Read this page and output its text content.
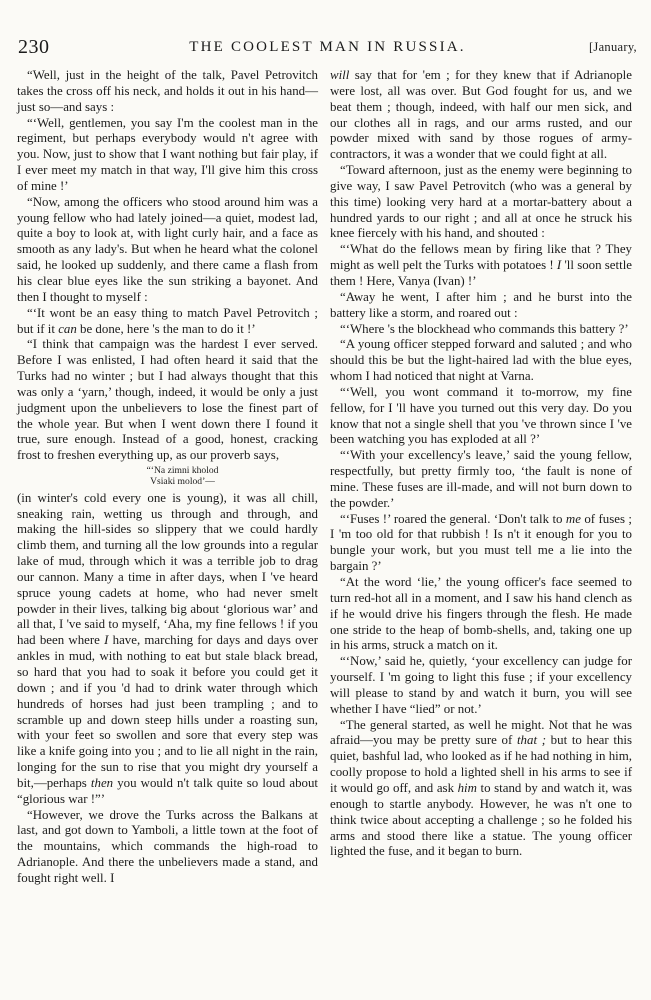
230	THE COOLEST MAN IN RUSSIA.	[January,

“Well, just in the height of the talk, Pavel Petrovitch takes the cross off his neck, and holds it out in his hand—just so—and says :

“‘Well, gentlemen, you say I'm the coolest man in the regiment, but perhaps everybody would n't agree with you. Now, just to show that I want nothing but fair play, if I ever meet my match in that way, I'll give him this cross of mine !’

“Now, among the officers who stood around him was a young fellow who had lately joined—a quiet, modest lad, quite a boy to look at, with light curly hair, and a face as smooth as any lady's. But when he heard what the colonel said, he looked up suddenly, and there came a flash from his clear blue eyes like the sun striking a bayonet. And then I thought to myself :

“‘It wont be an easy thing to match Pavel Petrovitch ; but if it can be done, here 's the man to do it !’

“I think that campaign was the hardest I ever served. Before I was enlisted, I had often heard it said that the Turks had no winter ; but I had always thought that this was only a ‘yarn,’ though, indeed, it would be only a just judgment upon the unbelievers to lose the finest part of the whole year. But when I went down there I found it true, sure enough. Instead of a good, honest, cracking frost to freshen everything up, as our proverb says,

“‘Na zimni kholod
Vsiaki molod’—

(in winter's cold every one is young), it was all chill, sneaking rain, wetting us through and through, and making the hill-sides so slippery that we could hardly climb them, and turning all the low grounds into a regular lake of mud, through which it was a terrible job to drag our cannon. Many a time in after days, when I 've heard spruce young cadets at home, who had never smelt powder in their lives, talking big about ‘glorious war’ and all that, I 've said to myself, ‘Aha, my fine fellows ! if you had been where I have, marching for days and days over ankles in mud, with nothing to eat but stale black bread, so hard that you had to soak it before you could get it down ; and if you 'd had to drink water through which hundreds of horses had just been trampling ; and to scramble up and down steep hills under a roasting sun, with your feet so swollen and sore that every step was like a knife going into you ; and to lie all night in the rain, longing for the sun to rise that you might dry yourself a bit,—perhaps then you would n't talk quite so loud about “glorious war !”’

“However, we drove the Turks across the Balkans at last, and got down to Yamboli, a little town at the foot of the mountains, which commands the high-road to Adrianople. And there the unbelievers made a stand, and fought right well. I

will say that for 'em ; for they knew that if Adrianople were lost, all was over. But God fought for us, and we beat them ; though, indeed, with half our men sick, and our clothes all in rags, and our arms rusted, and our powder mixed with sand by those rogues of army-contractors, it was a wonder that we could fight at all.

“Toward afternoon, just as the enemy were beginning to give way, I saw Pavel Petrovitch (who was a general by this time) looking very hard at a mortar-battery about a hundred yards to our right ; and all at once he struck his knee fiercely with his hand, and shouted :

“‘What do the fellows mean by firing like that ? They might as well pelt the Turks with potatoes ! I 'll soon settle them ! Here, Vanya (Ivan) !’

“Away he went, I after him ; and he burst into the battery like a storm, and roared out :

“‘Where 's the blockhead who commands this battery ?’

“A young officer stepped forward and saluted ; and who should this be but the light-haired lad with the blue eyes, whom I had noticed that night at Varna.

“‘Well, you wont command it to-morrow, my fine fellow, for I 'll have you turned out this very day. Do you know that not a single shell that you 've thrown since I 've been watching you has exploded at all ?’

“‘With your excellency's leave,’ said the young fellow, respectfully, but pretty firmly too, ‘the fault is none of mine. These fuses are ill-made, and will not burn down to the powder.’

“‘Fuses !’ roared the general. ‘Don't talk to me of fuses ; I 'm too old for that rubbish ! Is n't it enough for you to bungle your work, but you must tell me a lie into the bargain ?’

“At the word ‘lie,’ the young officer's face seemed to turn red-hot all in a moment, and I saw his hand clench as if he would drive his fingers through the flesh. He made one stride to the heap of bomb-shells, and, taking one up in his arms, struck a match on it.

“‘Now,’ said he, quietly, ‘your excellency can judge for yourself. I 'm going to light this fuse ; if your excellency will please to stand by and watch it burn, you will see whether I have “lied” or not.’

“The general started, as well he might. Not that he was afraid—you may be pretty sure of that ; but to hear this quiet, bashful lad, who looked as if he had nothing in him, coolly propose to hold a lighted shell in his arms to see if it would go off, and ask him to stand by and watch it, was enough to startle anybody. However, he was n't one to think twice about accepting a challenge ; so he folded his arms and stood there like a statue. The young officer lighted the fuse, and it began to burn.
